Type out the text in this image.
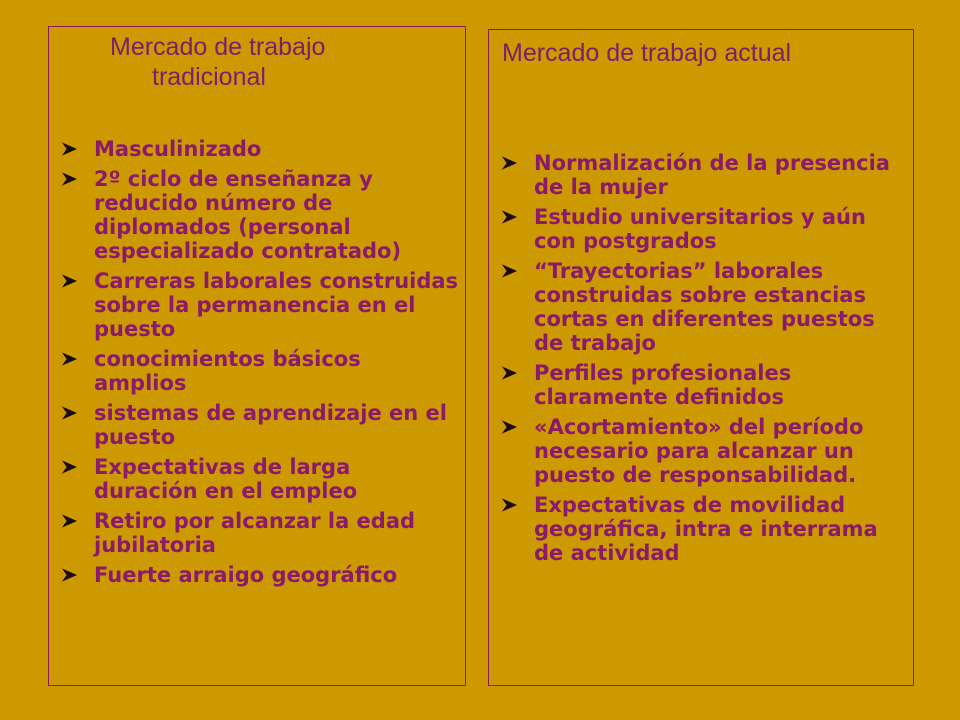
Mercado de trabajo
tradicional
Mercado de trabajo actual
Masculinizado
2º ciclo de enseñanza y reducido número de diplomados (personal especializado contratado)
Carreras laborales construidas sobre la permanencia en el puesto
conocimientos básicos amplios
sistemas de aprendizaje en el puesto
Expectativas de larga duración en el empleo
Retiro por alcanzar la edad jubilatoria
Fuerte arraigo geográfico
Normalización de la presencia de la mujer
Estudio universitarios y aún con postgrados
“Trayectorias” laborales construidas sobre estancias cortas en diferentes puestos de trabajo
Perfiles profesionales claramente definidos
«Acortamiento» del período necesario para alcanzar un puesto de responsabilidad.
Expectativas de movilidad geográfica, intra e interrama de actividad
